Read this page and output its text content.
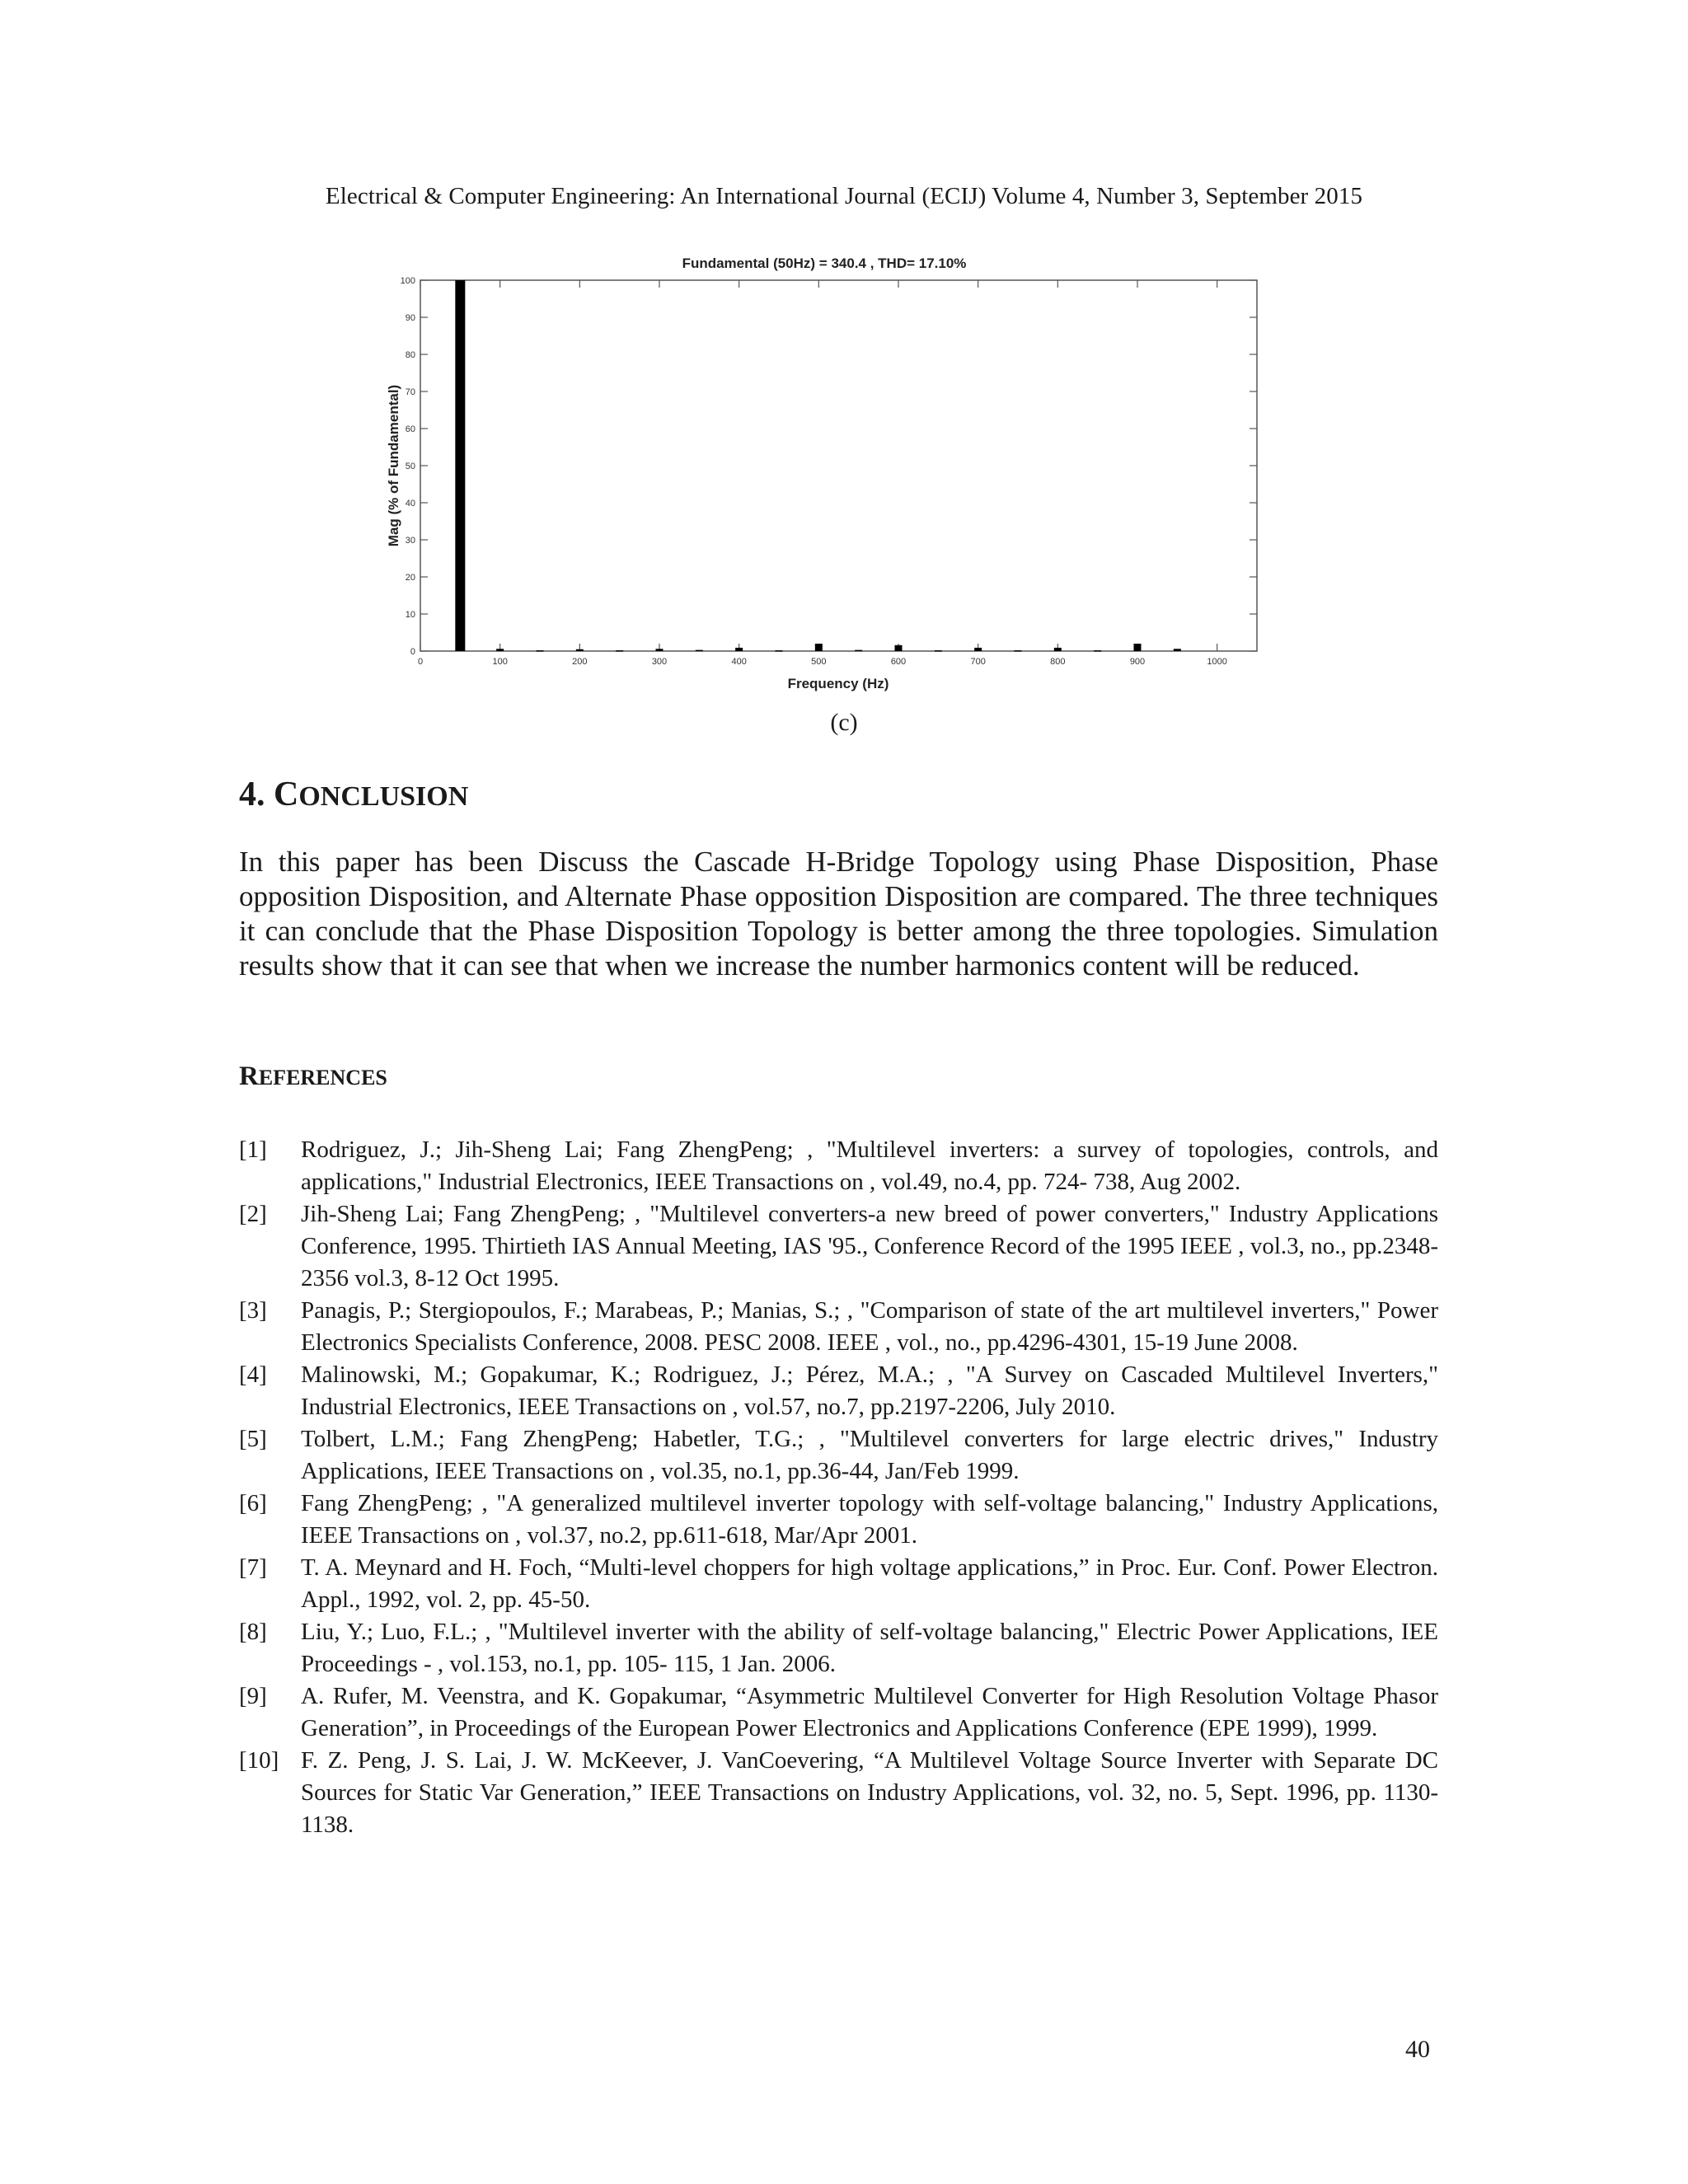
Electrical & Computer Engineering: An International Journal (ECIJ) Volume 4, Number 3, September 2015
Fundamental (50Hz) = 340.4 , THD= 17.10%
0	100	200	300	400	500	600	700	800	900	1000
0
10
20
30
40
50
60
70
80
90
100
Frequency (Hz)
Mag (% of Fundamental)
(c)
4. CONCLUSION
In this paper has been Discuss the Cascade H-Bridge Topology using Phase Disposition, Phase opposition Disposition, and Alternate Phase opposition Disposition are compared. The three techniques it can conclude that the Phase Disposition Topology is better among the three topologies. Simulation results show that it can see that when we increase the number harmonics content will be reduced.
REFERENCES
[1] Rodriguez, J.; Jih-Sheng Lai; Fang ZhengPeng; , "Multilevel inverters: a survey of topologies, controls, and applications," Industrial Electronics, IEEE Transactions on , vol.49, no.4, pp. 724- 738, Aug 2002.
[2] Jih-Sheng Lai; Fang ZhengPeng; , "Multilevel converters-a new breed of power converters," Industry Applications Conference, 1995. Thirtieth IAS Annual Meeting, IAS '95., Conference Record of the 1995 IEEE , vol.3, no., pp.2348-2356 vol.3, 8-12 Oct 1995.
[3] Panagis, P.; Stergiopoulos, F.; Marabeas, P.; Manias, S.; , "Comparison of state of the art multilevel inverters," Power Electronics Specialists Conference, 2008. PESC 2008. IEEE , vol., no., pp.4296-4301, 15-19 June 2008.
[4] Malinowski, M.; Gopakumar, K.; Rodriguez, J.; Pérez, M.A.; , "A Survey on Cascaded Multilevel Inverters," Industrial Electronics, IEEE Transactions on , vol.57, no.7, pp.2197-2206, July 2010.
[5] Tolbert, L.M.; Fang ZhengPeng; Habetler, T.G.; , "Multilevel converters for large electric drives," Industry Applications, IEEE Transactions on , vol.35, no.1, pp.36-44, Jan/Feb 1999.
[6] Fang ZhengPeng; , "A generalized multilevel inverter topology with self-voltage balancing," Industry Applications, IEEE Transactions on , vol.37, no.2, pp.611-618, Mar/Apr 2001.
[7] T. A. Meynard and H. Foch, “Multi-level choppers for high voltage applications,” in Proc. Eur. Conf. Power Electron. Appl., 1992, vol. 2, pp. 45-50.
[8] Liu, Y.; Luo, F.L.; , "Multilevel inverter with the ability of self-voltage balancing," Electric Power Applications, IEE Proceedings - , vol.153, no.1, pp. 105- 115, 1 Jan. 2006.
[9] A. Rufer, M. Veenstra, and K. Gopakumar, “Asymmetric Multilevel Converter for High Resolution Voltage Phasor Generation”, in Proceedings of the European Power Electronics and Applications Conference (EPE 1999), 1999.
[10] F. Z. Peng, J. S. Lai, J. W. McKeever, J. VanCoevering, “A Multilevel Voltage Source Inverter with Separate DC Sources for Static Var Generation,” IEEE Transactions on Industry Applications, vol. 32, no. 5, Sept. 1996, pp. 1130-1138.
40
